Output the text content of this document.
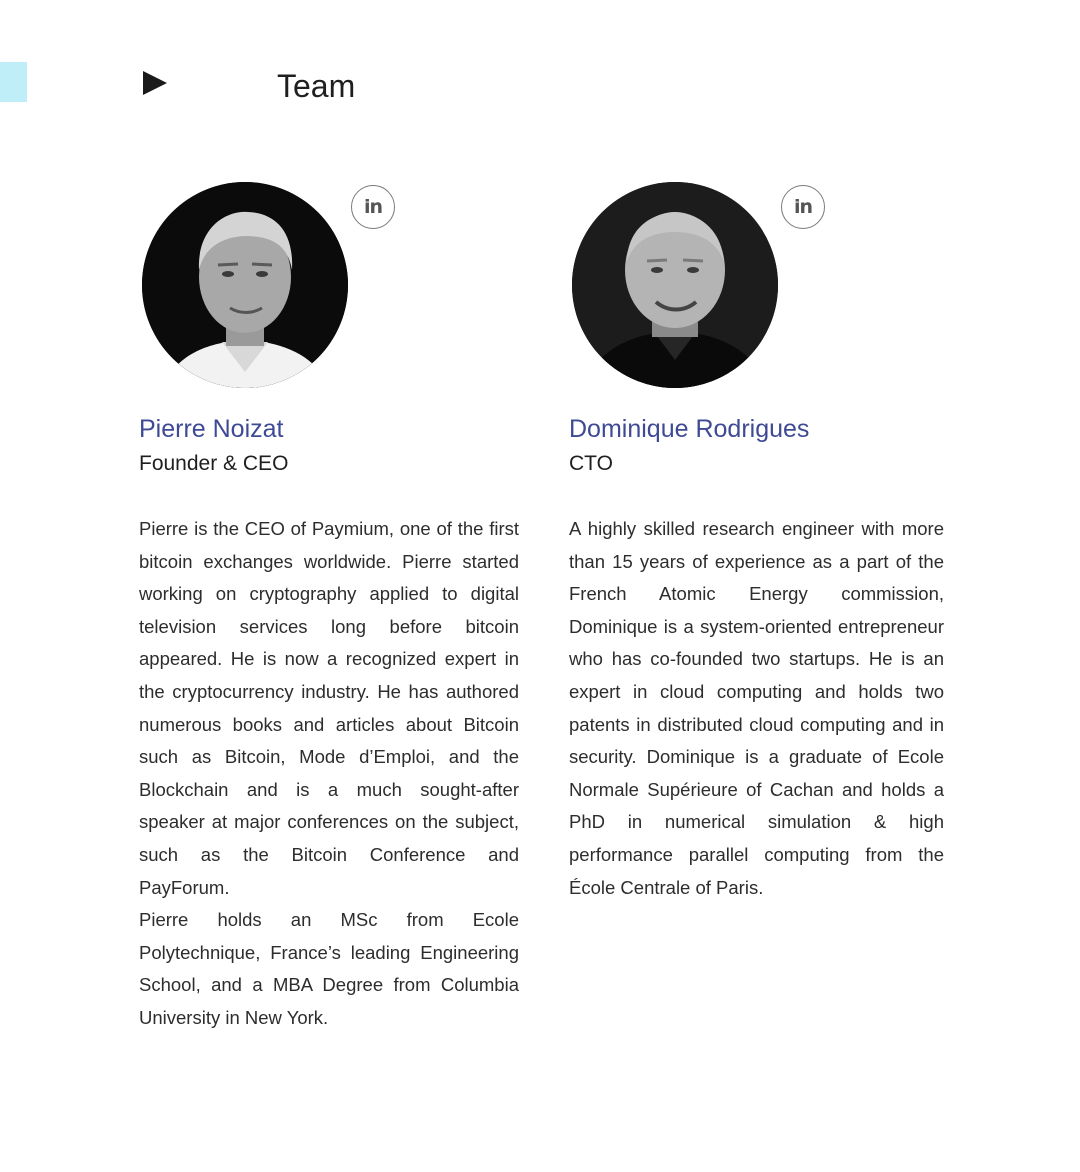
Team
in
Pierre Noizat
Founder & CEO

Pierre is the CEO of Paymium, one of the first bitcoin exchanges worldwide. Pierre started working on cryptography applied to digital television services long before bitcoin appeared. He is now a recognized expert in the cryptocurrency industry. He has authored numerous books and articles about Bitcoin such as Bitcoin, Mode d’Emploi, and the Blockchain and is a much sought-after speaker at major conferences on the subject, such as the Bitcoin Conference and PayForum.

Pierre holds an MSc from Ecole Polytechnique, France’s leading Engineering School, and a MBA Degree from Columbia University in New York.

in
Dominique Rodrigues
CTO

A highly skilled research engineer with more than 15 years of experience as a part of the French Atomic Energy commission, Dominique is a system-oriented entrepreneur who has co-founded two startups. He is an expert in cloud computing and holds two patents in distributed cloud computing and in security. Dominique is a graduate of Ecole Normale Supérieure of Cachan and holds a PhD in numerical simulation & high performance parallel computing from the École Centrale of Paris.
